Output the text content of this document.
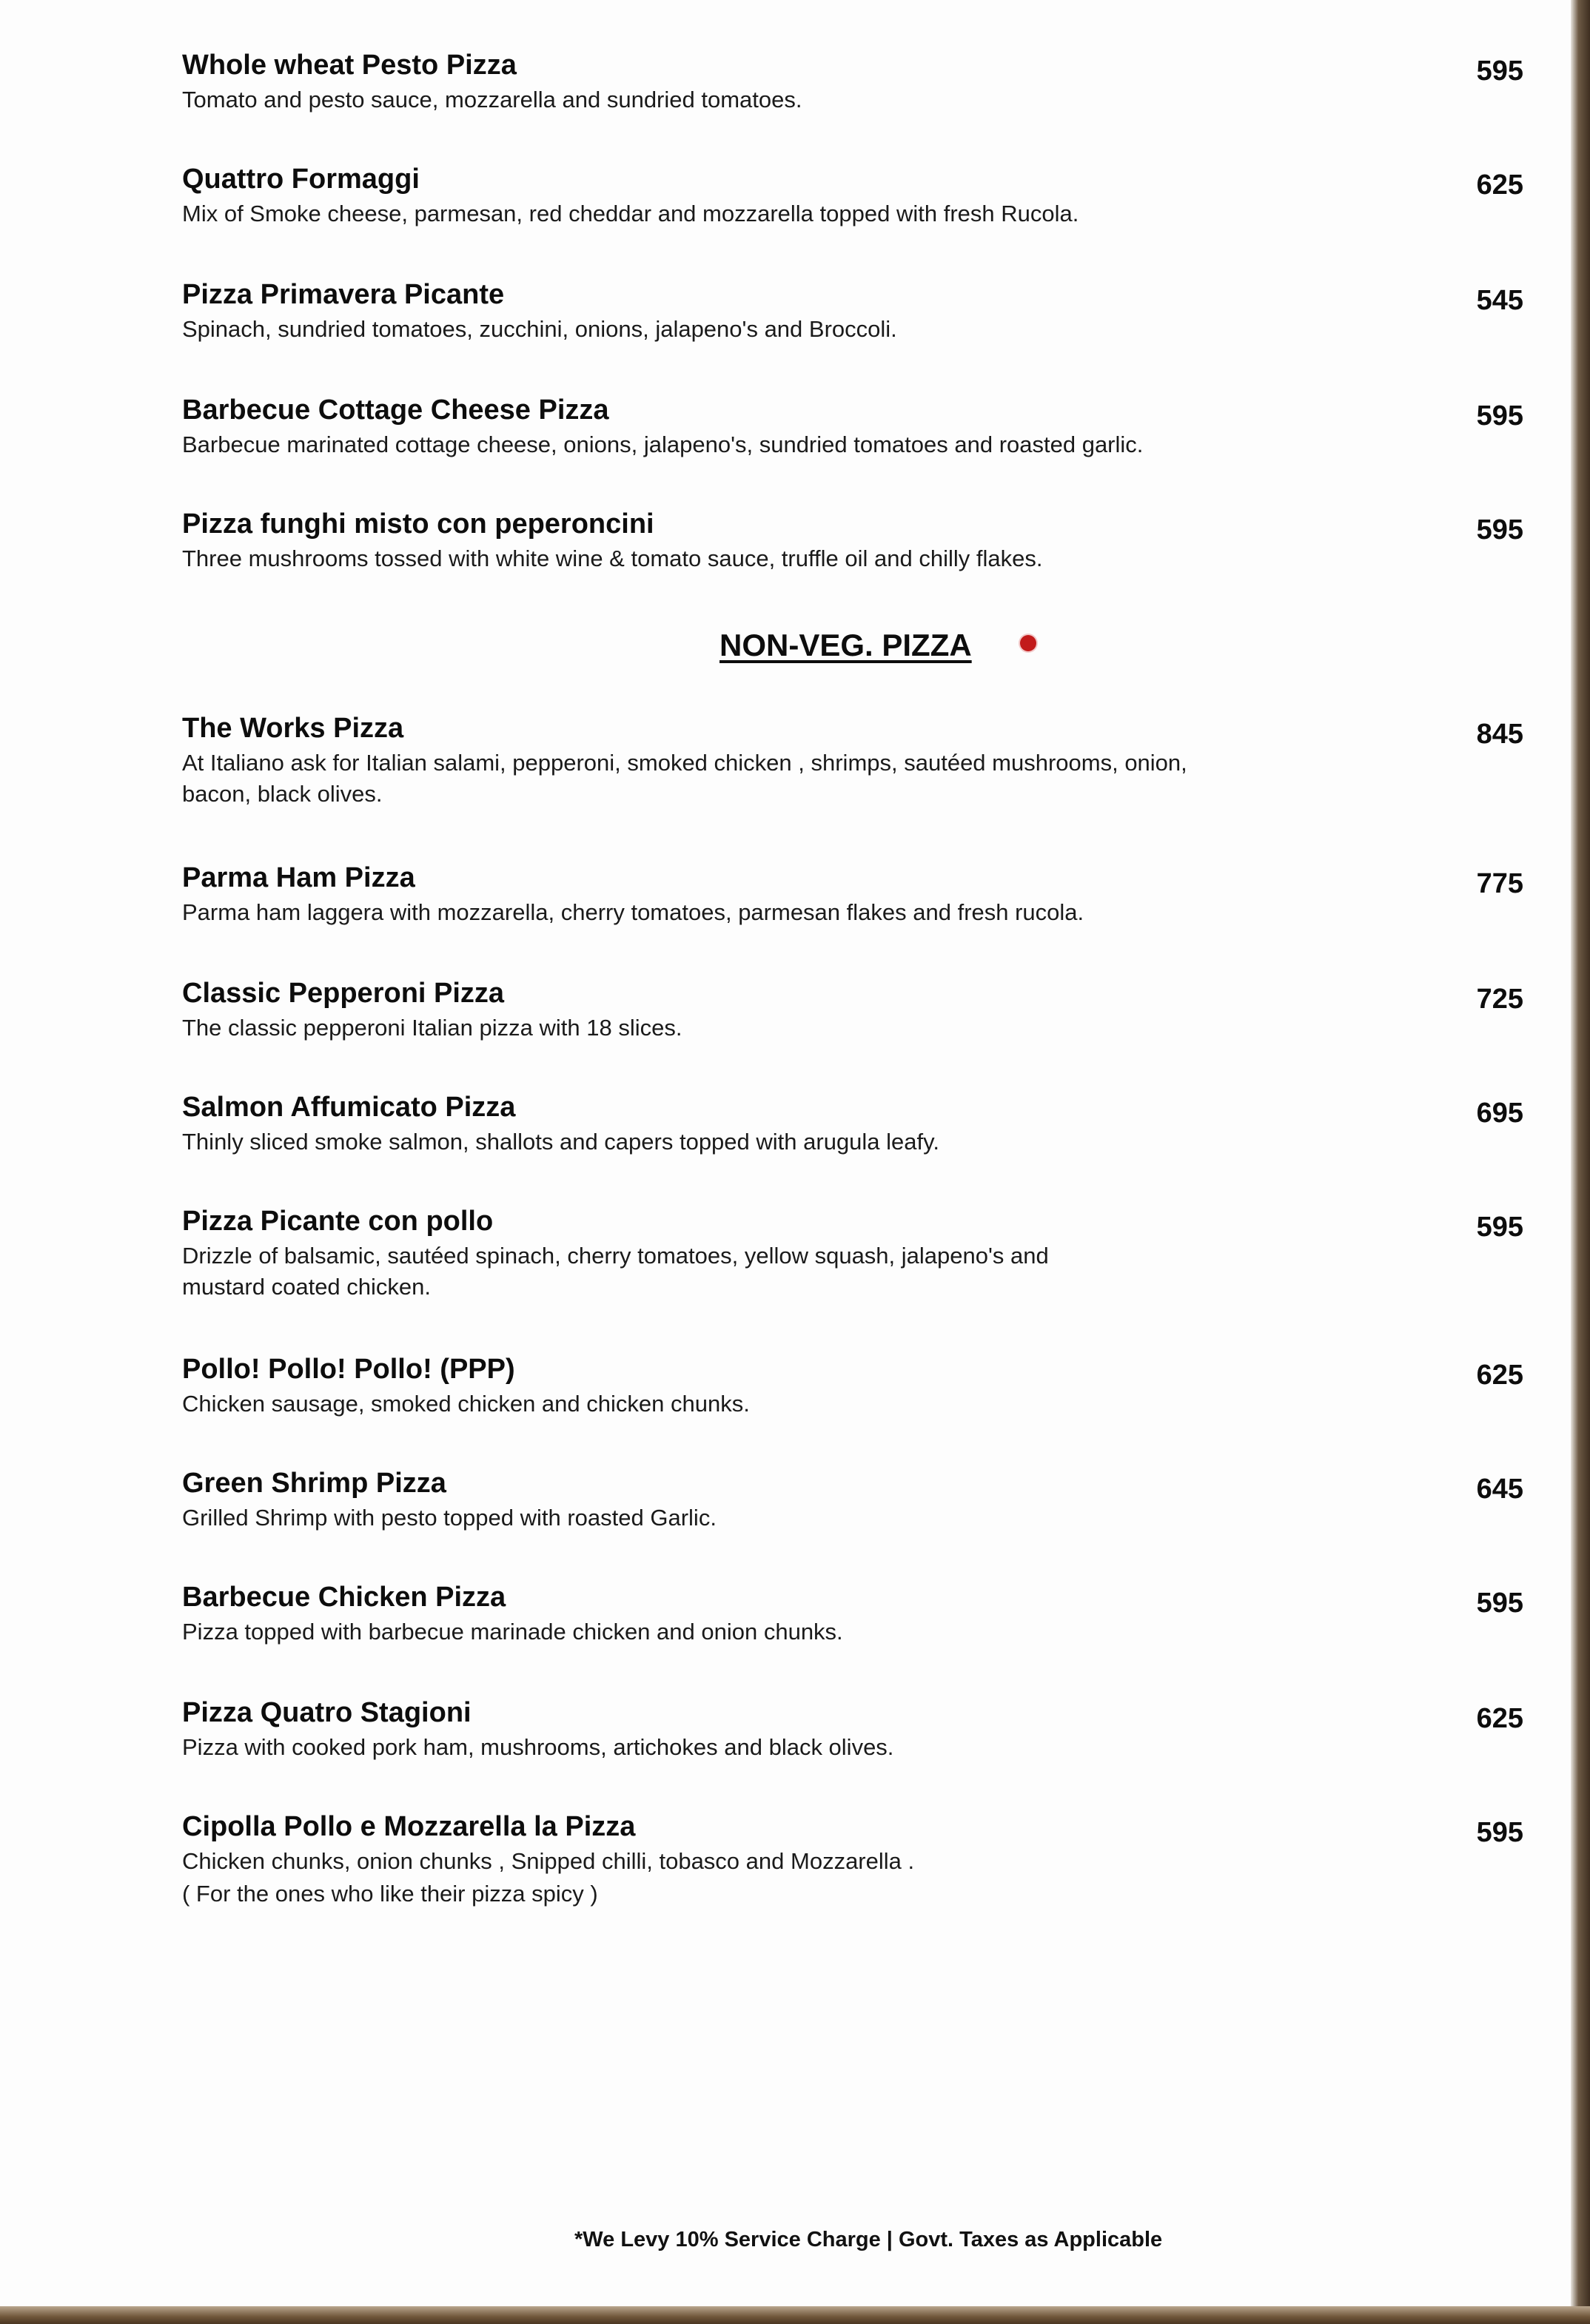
Whole wheat Pesto Pizza
Tomato and pesto sauce, mozzarella and sundried tomatoes.
595
Quattro Formaggi
Mix of Smoke cheese, parmesan, red cheddar and mozzarella topped with fresh Rucola.
625
Pizza Primavera Picante
Spinach, sundried tomatoes, zucchini, onions, jalapeno's and Broccoli.
545
Barbecue Cottage Cheese Pizza
Barbecue marinated cottage cheese, onions, jalapeno's, sundried tomatoes and roasted garlic.
595
Pizza funghi misto con peperoncini
Three mushrooms tossed with white wine & tomato sauce, truffle oil and chilly flakes.
595
NON-VEG. PIZZA
The Works Pizza
At Italiano ask for Italian salami, pepperoni, smoked chicken , shrimps, sautéed mushrooms, onion, bacon, black olives.
845
Parma Ham Pizza
Parma ham laggera with mozzarella, cherry tomatoes, parmesan flakes and fresh rucola.
775
Classic Pepperoni Pizza
The classic pepperoni Italian pizza with 18 slices.
725
Salmon Affumicato Pizza
Thinly sliced smoke salmon, shallots and capers topped with arugula leafy.
695
Pizza Picante con pollo
Drizzle of balsamic, sautéed spinach, cherry tomatoes, yellow squash, jalapeno's and mustard coated chicken.
595
Pollo! Pollo! Pollo! (PPP)
Chicken sausage, smoked chicken and chicken chunks.
625
Green Shrimp Pizza
Grilled Shrimp with pesto topped with roasted Garlic.
645
Barbecue Chicken Pizza
Pizza topped with barbecue marinade chicken and onion chunks.
595
Pizza Quatro Stagioni
Pizza with cooked pork ham, mushrooms, artichokes and black olives.
625
Cipolla Pollo e Mozzarella la Pizza
Chicken chunks, onion chunks , Snipped chilli, tobasco and Mozzarella .
( For the ones who like their pizza spicy )
595
*We Levy 10% Service Charge | Govt. Taxes as Applicable
